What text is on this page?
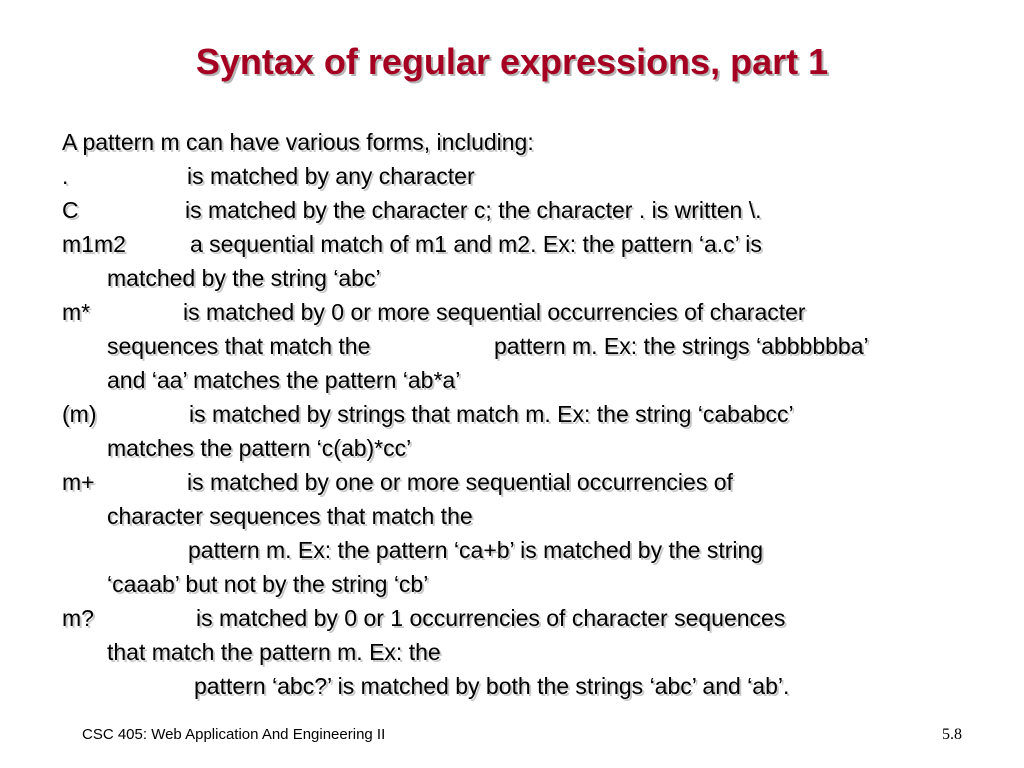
Syntax of regular expressions, part 1
A pattern m can have various forms, including:
.	is matched by any character
C	is matched by the character c; the character . is written \.
m1m2	a sequential match of m1 and m2. Ex: the pattern ‘a.c’ is
matched by the string ‘abc’
m*	is matched by 0 or more sequential occurrencies of character
sequences that match the	pattern m. Ex: the strings ‘abbbbbba’
and ‘aa’ matches the pattern ‘ab*a’
(m)	is matched by strings that match m. Ex: the string ‘cababcc’
matches the pattern ‘c(ab)*cc’
m+	is matched by one or more sequential occurrencies of
character sequences that match the
pattern m. Ex: the pattern ‘ca+b’ is matched by the string
‘caaab’ but not by the string ‘cb’
m?	is matched by 0 or 1 occurrencies of character sequences
that match the pattern m. Ex: the
pattern ‘abc?’ is matched by both the strings ‘abc’ and ‘ab’.
CSC 405: Web Application And Engineering II	5.8
